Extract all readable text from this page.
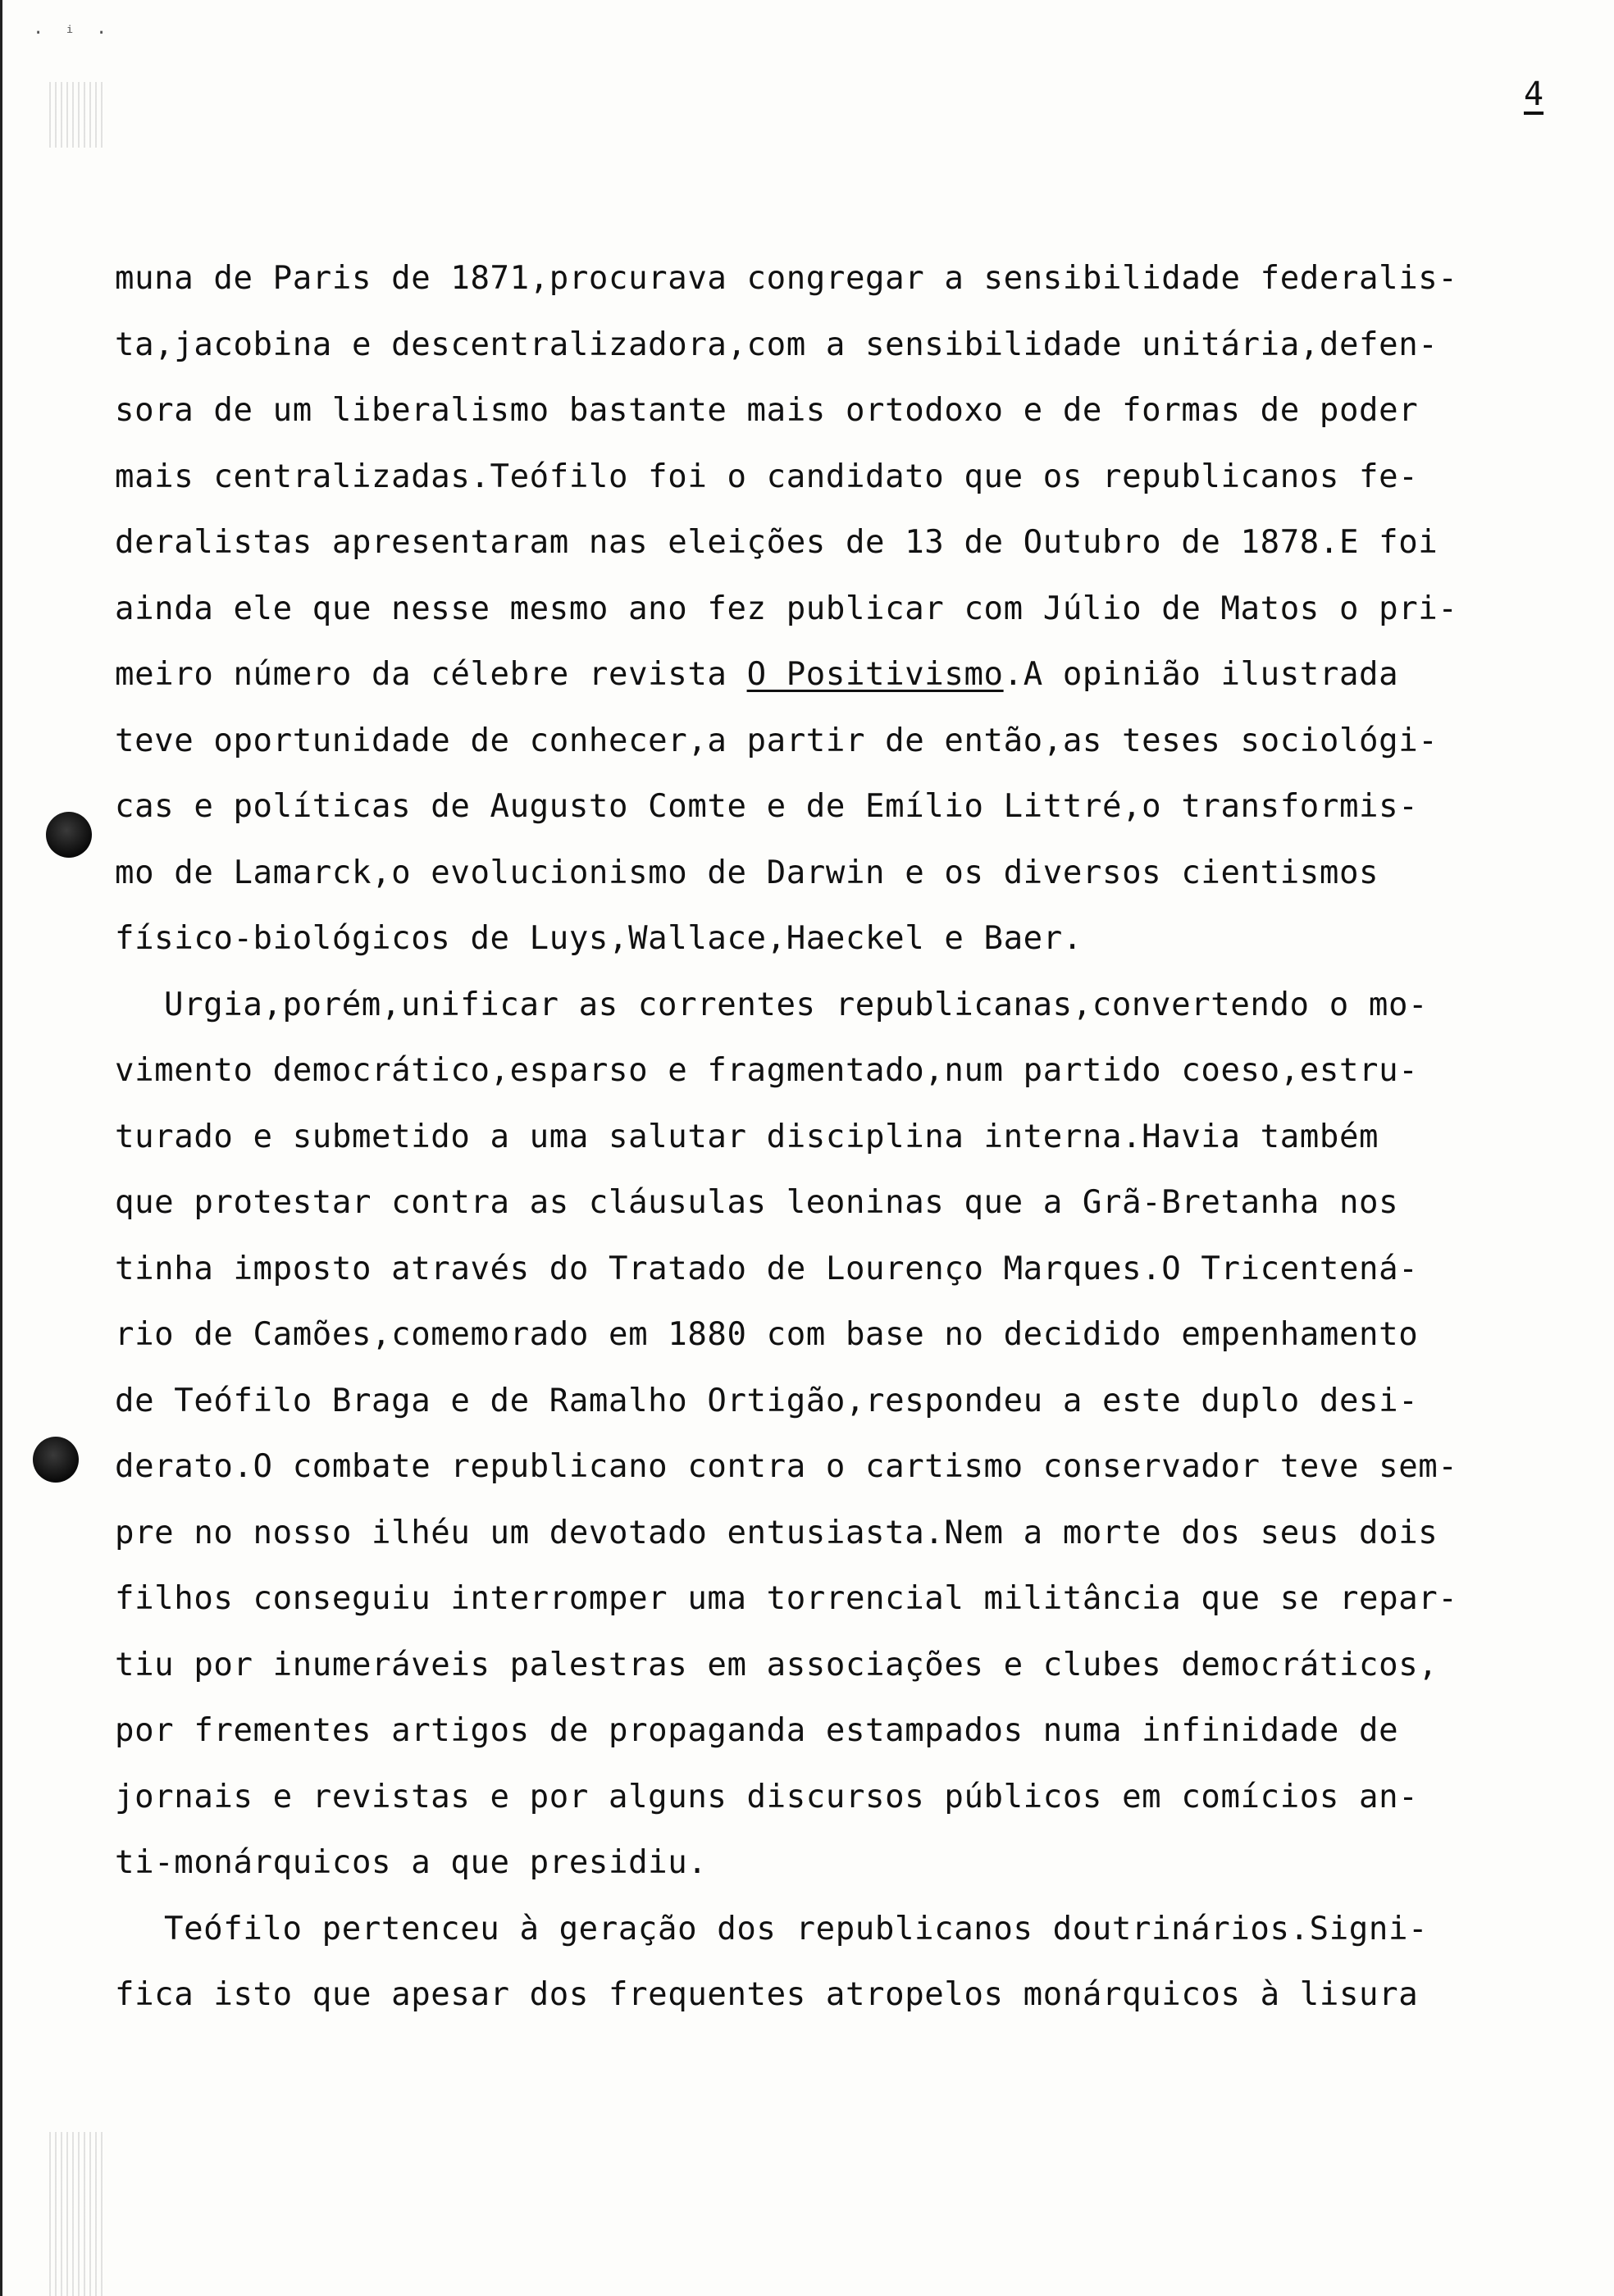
· ⁱ ·
4
muna de Paris de 1871,procurava congregar a sensibilidade federalis-
ta,jacobina e descentralizadora,com a sensibilidade unitária,defen-
sora de um liberalismo bastante mais ortodoxo e de formas de poder
mais centralizadas.Teófilo foi o candidato que os republicanos fe-
deralistas apresentaram nas eleições de 13 de Outubro de 1878.E foi
ainda ele que nesse mesmo ano fez publicar com Júlio de Matos o pri-
meiro número da célebre revista O Positivismo.A opinião ilustrada
teve oportunidade de conhecer,a partir de então,as teses sociológi-
cas e políticas de Augusto Comte e de Emílio Littré,o transformis-
mo de Lamarck,o evolucionismo de Darwin e os diversos cientismos
físico-biológicos de Luys,Wallace,Haeckel e Baer.
Urgia,porém,unificar as correntes republicanas,convertendo o mo-
vimento democrático,esparso e fragmentado,num partido coeso,estru-
turado e submetido a uma salutar disciplina interna.Havia também
que protestar contra as cláusulas leoninas que a Grã-Bretanha nos
tinha imposto através do Tratado de Lourenço Marques.O Tricentená-
rio de Camões,comemorado em 1880 com base no decidido empenhamento
de Teófilo Braga e de Ramalho Ortigão,respondeu a este duplo desi-
derato.O combate republicano contra o cartismo conservador teve sem-
pre no nosso ilhéu um devotado entusiasta.Nem a morte dos seus dois
filhos conseguiu interromper uma torrencial militância que se repar-
tiu por inumeráveis palestras em associações e clubes democráticos,
por frementes artigos de propaganda estampados numa infinidade de
jornais e revistas e por alguns discursos públicos em comícios an-
ti-monárquicos a que presidiu.
Teófilo pertenceu à geração dos republicanos doutrinários.Signi-
fica isto que apesar dos frequentes atropelos monárquicos à lisura
